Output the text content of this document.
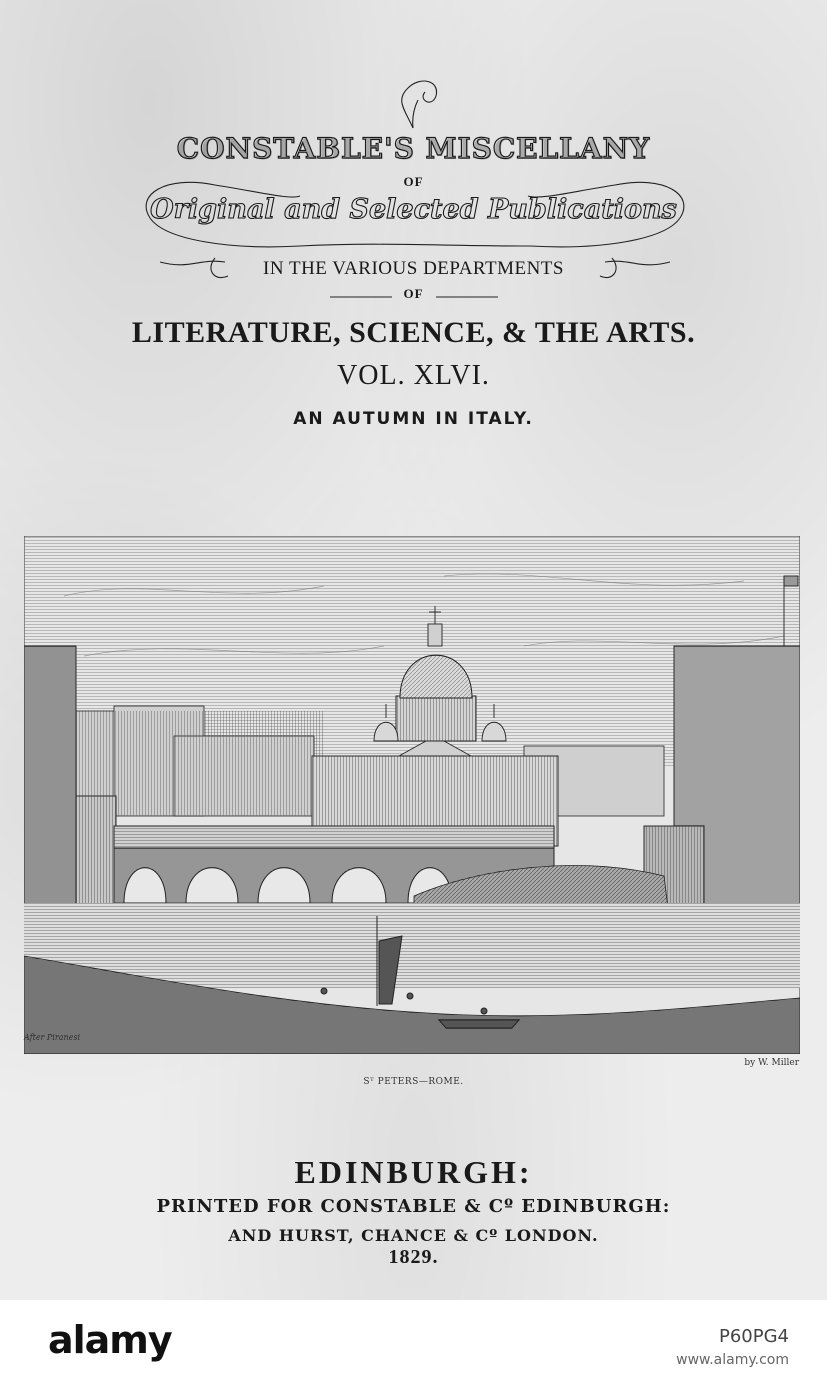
CONSTABLE'S MISCELLANY
OF
Original and Selected Publications
IN THE VARIOUS DEPARTMENTS
OF
LITERATURE, SCIENCE, & THE ARTS.
VOL. XLVI.
AN AUTUMN IN ITALY.
After Piranesi
by W. Miller
Sᵀ PETERS—ROME.
EDINBURGH:
PRINTED FOR CONSTABLE & Cº EDINBURGH:
AND HURST, CHANCE & Cº LONDON.
1829.
alamy	P60PG4
www.alamy.com
